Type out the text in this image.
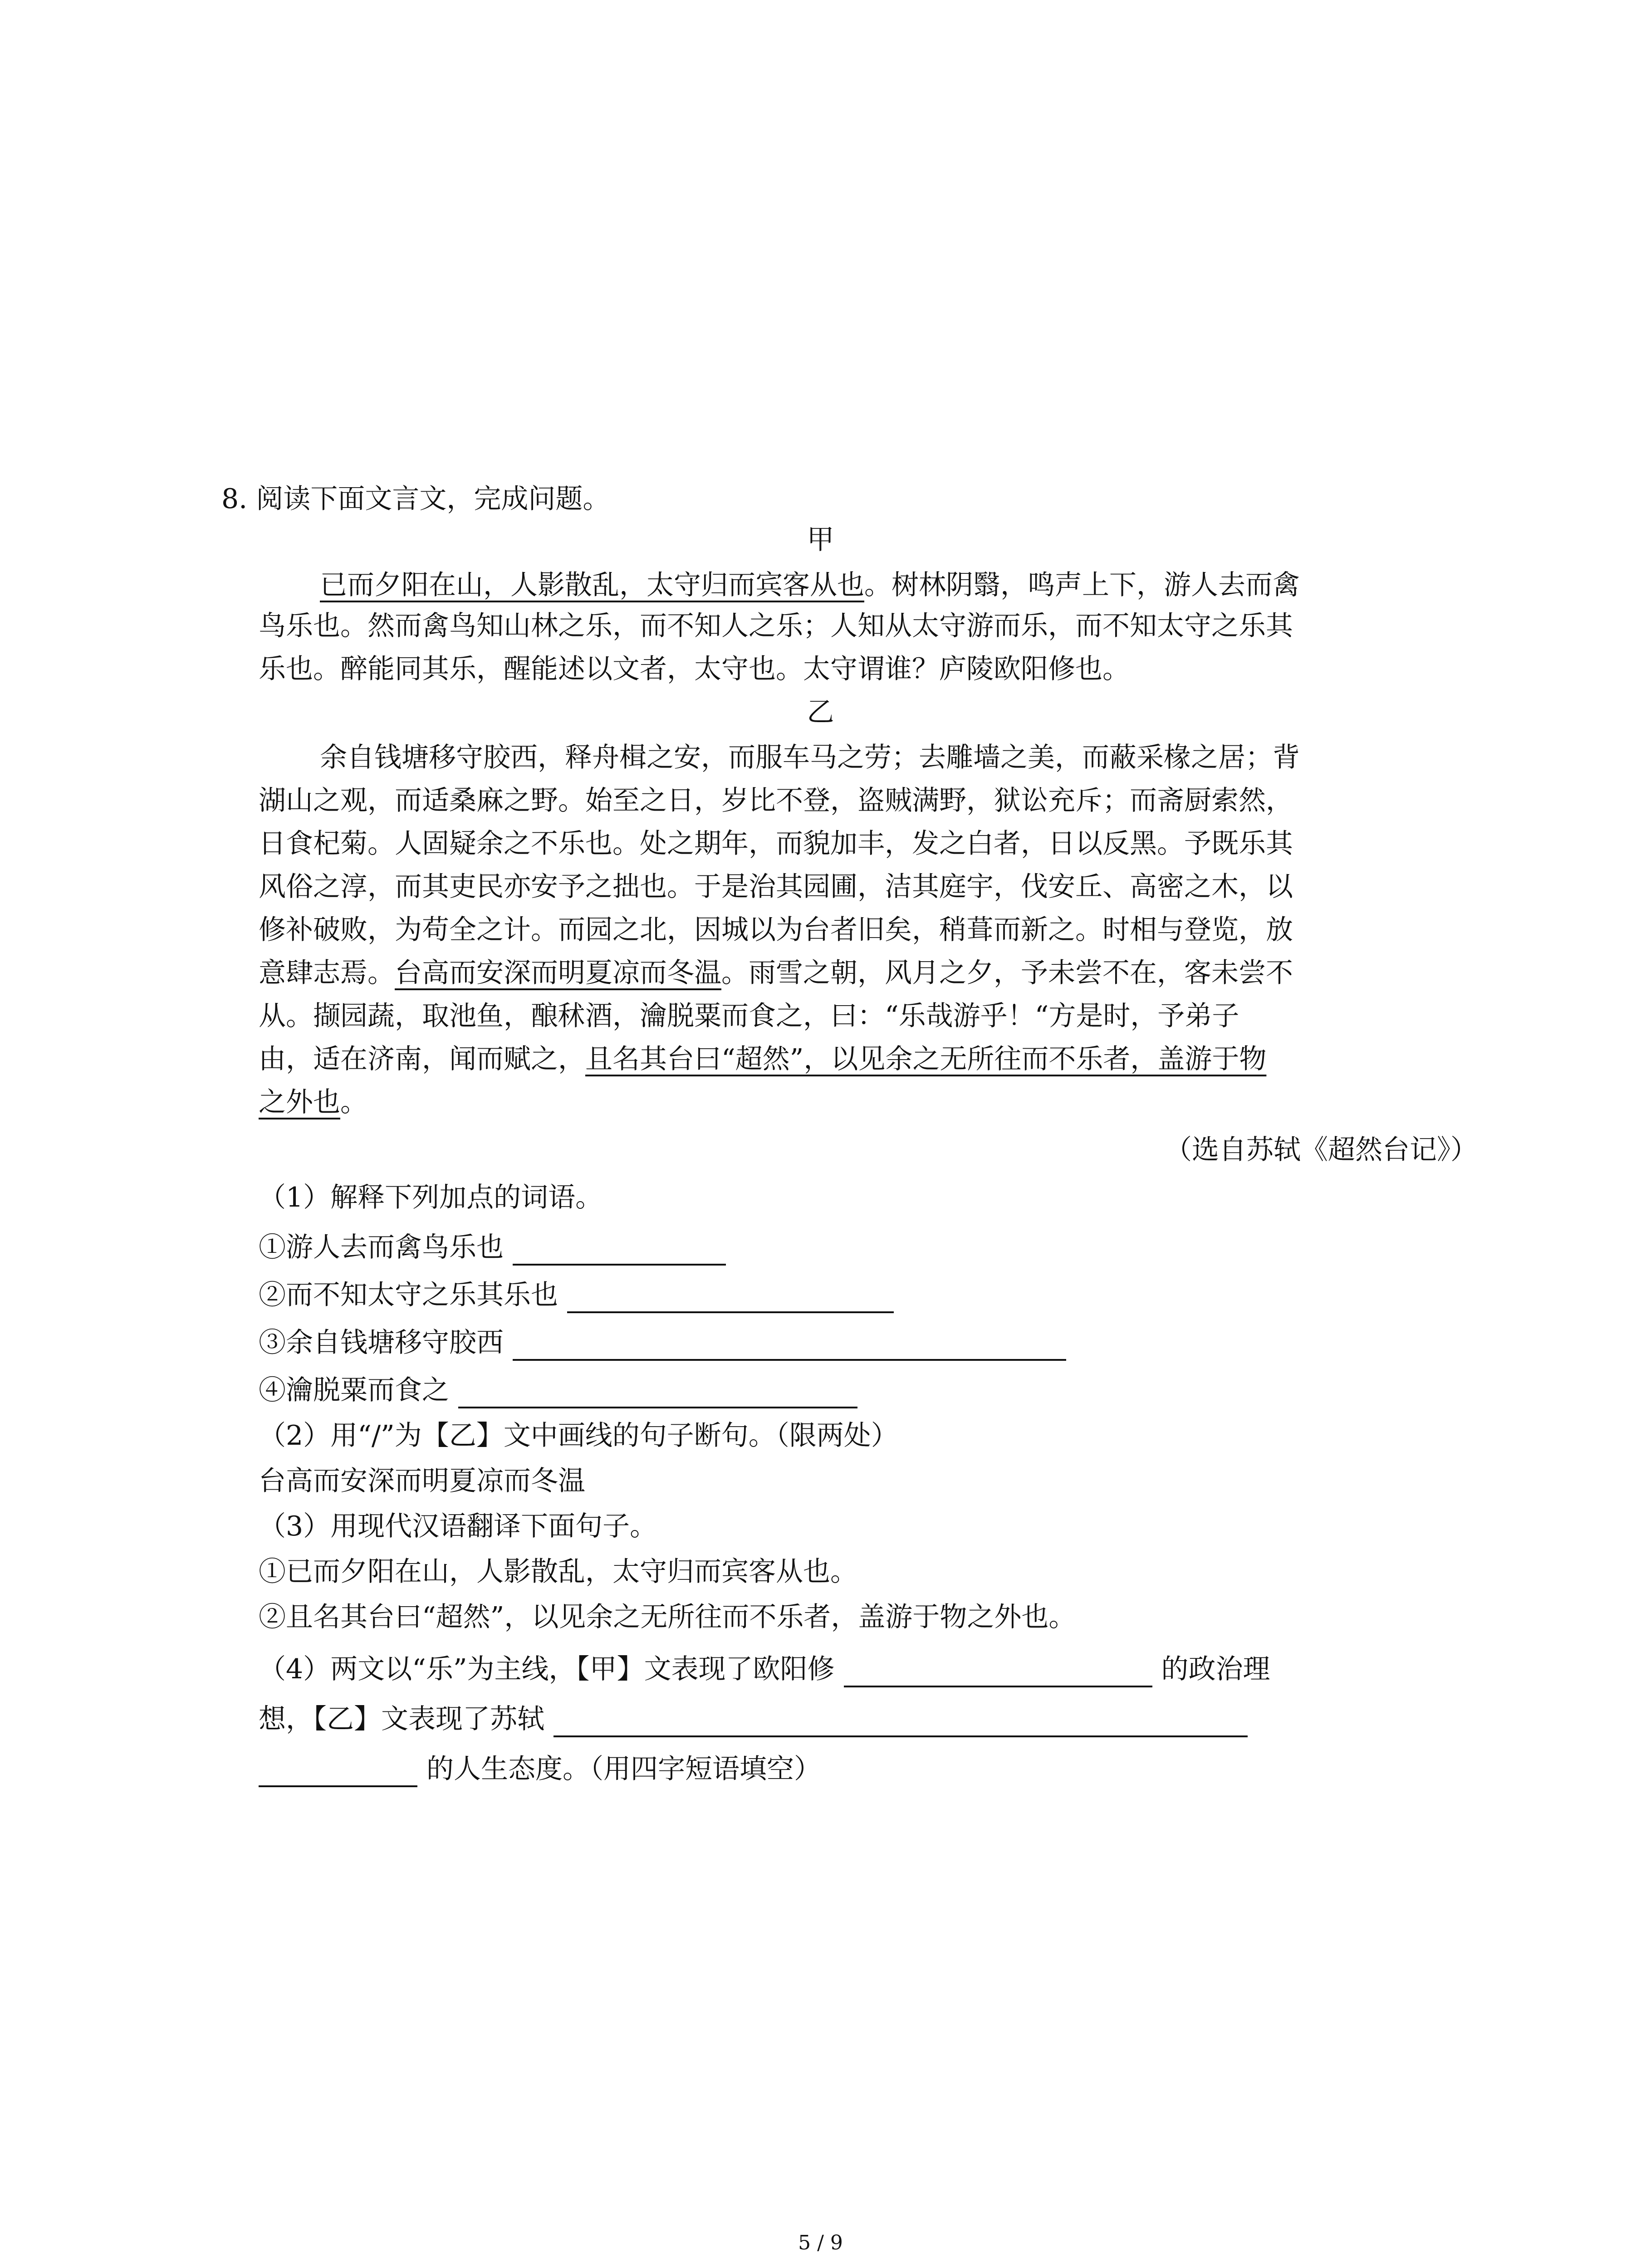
8. 阅读下面文言文，完成问题。
甲
已而夕阳在山，人影散乱，太守归而宾客从也。树林阴翳，鸣声上下，游人去而禽
鸟乐也。然而禽鸟知山林之乐，而不知人之乐；人知从太守游而乐，而不知太守之乐其
乐也。醉能同其乐，醒能述以文者，太守也。太守谓谁？庐陵欧阳修也。
乙
余自钱塘移守胶西，释舟楫之安，而服车马之劳；去雕墙之美，而蔽采椽之居；背
湖山之观，而适桑麻之野。始至之日，岁比不登，盗贼满野，狱讼充斥；而斋厨索然，
日食杞菊。人固疑余之不乐也。处之期年，而貌加丰，发之白者，日以反黑。予既乐其
风俗之淳，而其吏民亦安予之拙也。于是治其园圃，洁其庭宇，伐安丘、高密之木，以
修补破败，为苟全之计。而园之北，因城以为台者旧矣，稍葺而新之。时相与登览，放
意肆志焉。台高而安深而明夏凉而冬温。雨雪之朝，风月之夕，予未尝不在，客未尝不
从。撷园蔬，取池鱼，酿秫酒，瀹脱粟而食之，曰：“乐哉游乎！“方是时，予弟子
由，适在济南，闻而赋之，且名其台曰“超然”，以见余之无所往而不乐者，盖游于物
之外也。
（选自苏轼《超然台记》）
（1）解释下列加点的词语。
①游人去而禽鸟乐也
②而不知太守之乐其乐也
③余自钱塘移守胶西
④瀹脱粟而食之
（2）用“/”为【乙】文中画线的句子断句。（限两处）
台高而安深而明夏凉而冬温
（3）用现代汉语翻译下面句子。
①已而夕阳在山，人影散乱，太守归而宾客从也。
②且名其台曰“超然”，以见余之无所往而不乐者，盖游于物之外也。
（4）两文以“乐”为主线，【甲】文表现了欧阳修	的政治理
想，【乙】文表现了苏轼
的人生态度。（用四字短语填空）
5 / 9
